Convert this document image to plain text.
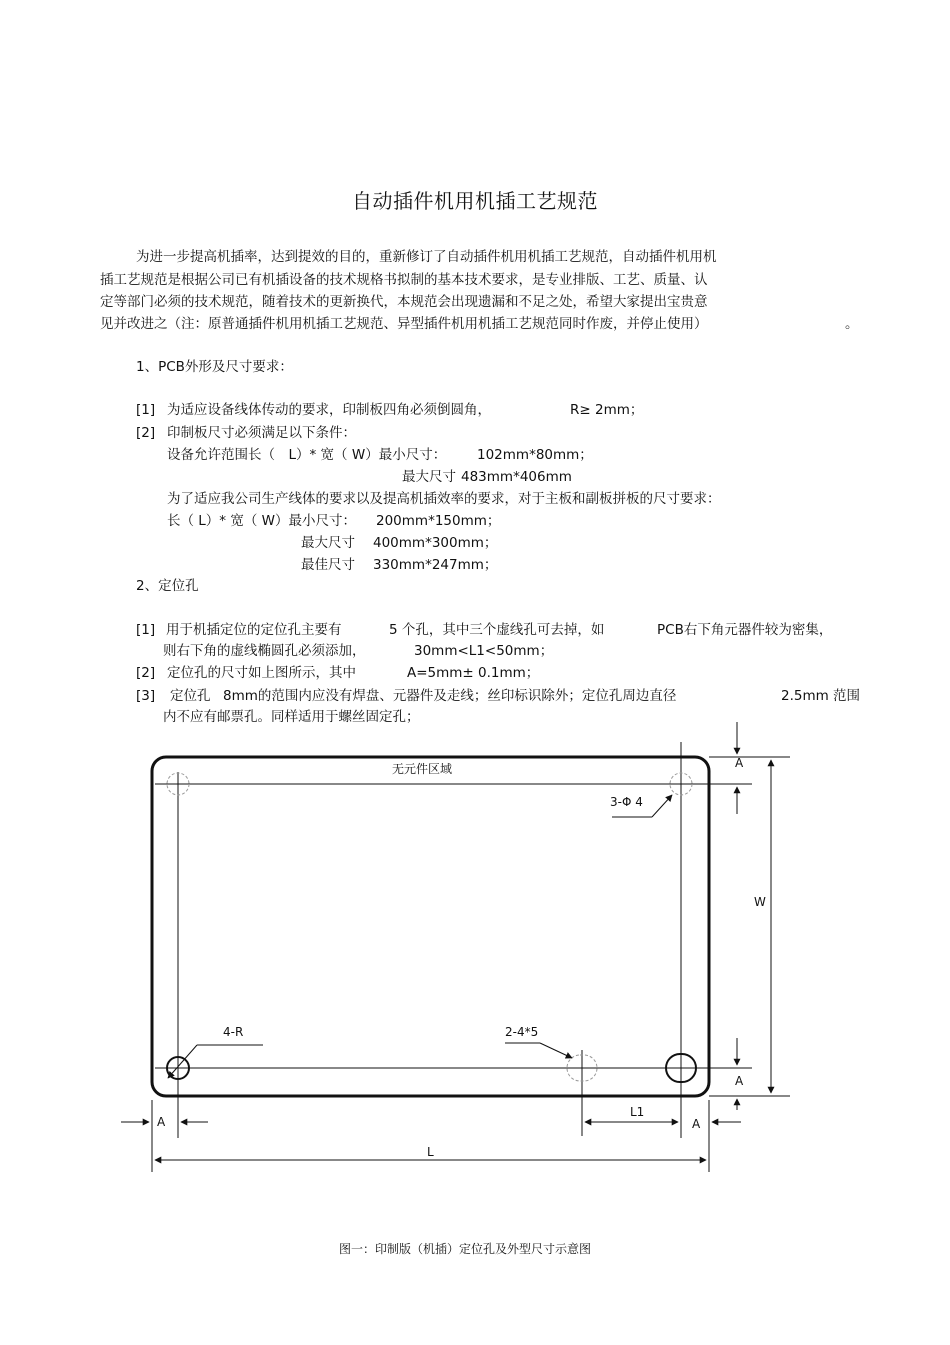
自动插件机用机插工艺规范
为进一步提高机插率，达到提效的目的，重新修订了自动插件机用机插工艺规范，自动插件机用机
插工艺规范是根据公司已有机插设备的技术规格书拟制的基本技术要求，是专业排版、工艺、质量、认
定等部门必须的技术规范，随着技术的更新换代，本规范会出现遗漏和不足之处，希望大家提出宝贵意
见并改进之（注：原普通插件机用机插工艺规范、异型插件机用机插工艺规范同时作废，并停止使用）	。
1、PCB外形及尺寸要求：
[1] 为适应设备线体传动的要求，印制板四角必须倒圆角，	R≥ 2mm；
[2] 印制板尺寸必须满足以下条件：
设备允许范围长（　L）* 宽（ W）最小尺寸： 102mm*80mm；
最大尺寸 483mm*406mm
为了适应我公司生产线体的要求以及提高机插效率的要求，对于主板和副板拼板的尺寸要求：
长（ L）* 宽（ W）最小尺寸： 200mm*150mm；
最大尺寸 400mm*300mm；
最佳尺寸 330mm*247mm；
2、定位孔
[1] 用于机插定位的定位孔主要有	5 个孔，其中三个虚线孔可去掉，如	PCB右下角元器件较为密集，
则右下角的虚线椭圆孔必须添加，	30mm<L1<50mm；
[2] 定位孔的尺寸如上图所示，其中	A=5mm± 0.1mm；
[3] 定位孔 8mm的范围内应没有焊盘、元器件及走线；丝印标识除外；定位孔周边直径	2.5mm 范围
内不应有邮票孔。同样适用于螺丝固定孔；
无元件区域
3-Φ 4
4-R	2-4*5
W
L
L1
A
A
A	A
图一：印制版（机插）定位孔及外型尺寸示意图
